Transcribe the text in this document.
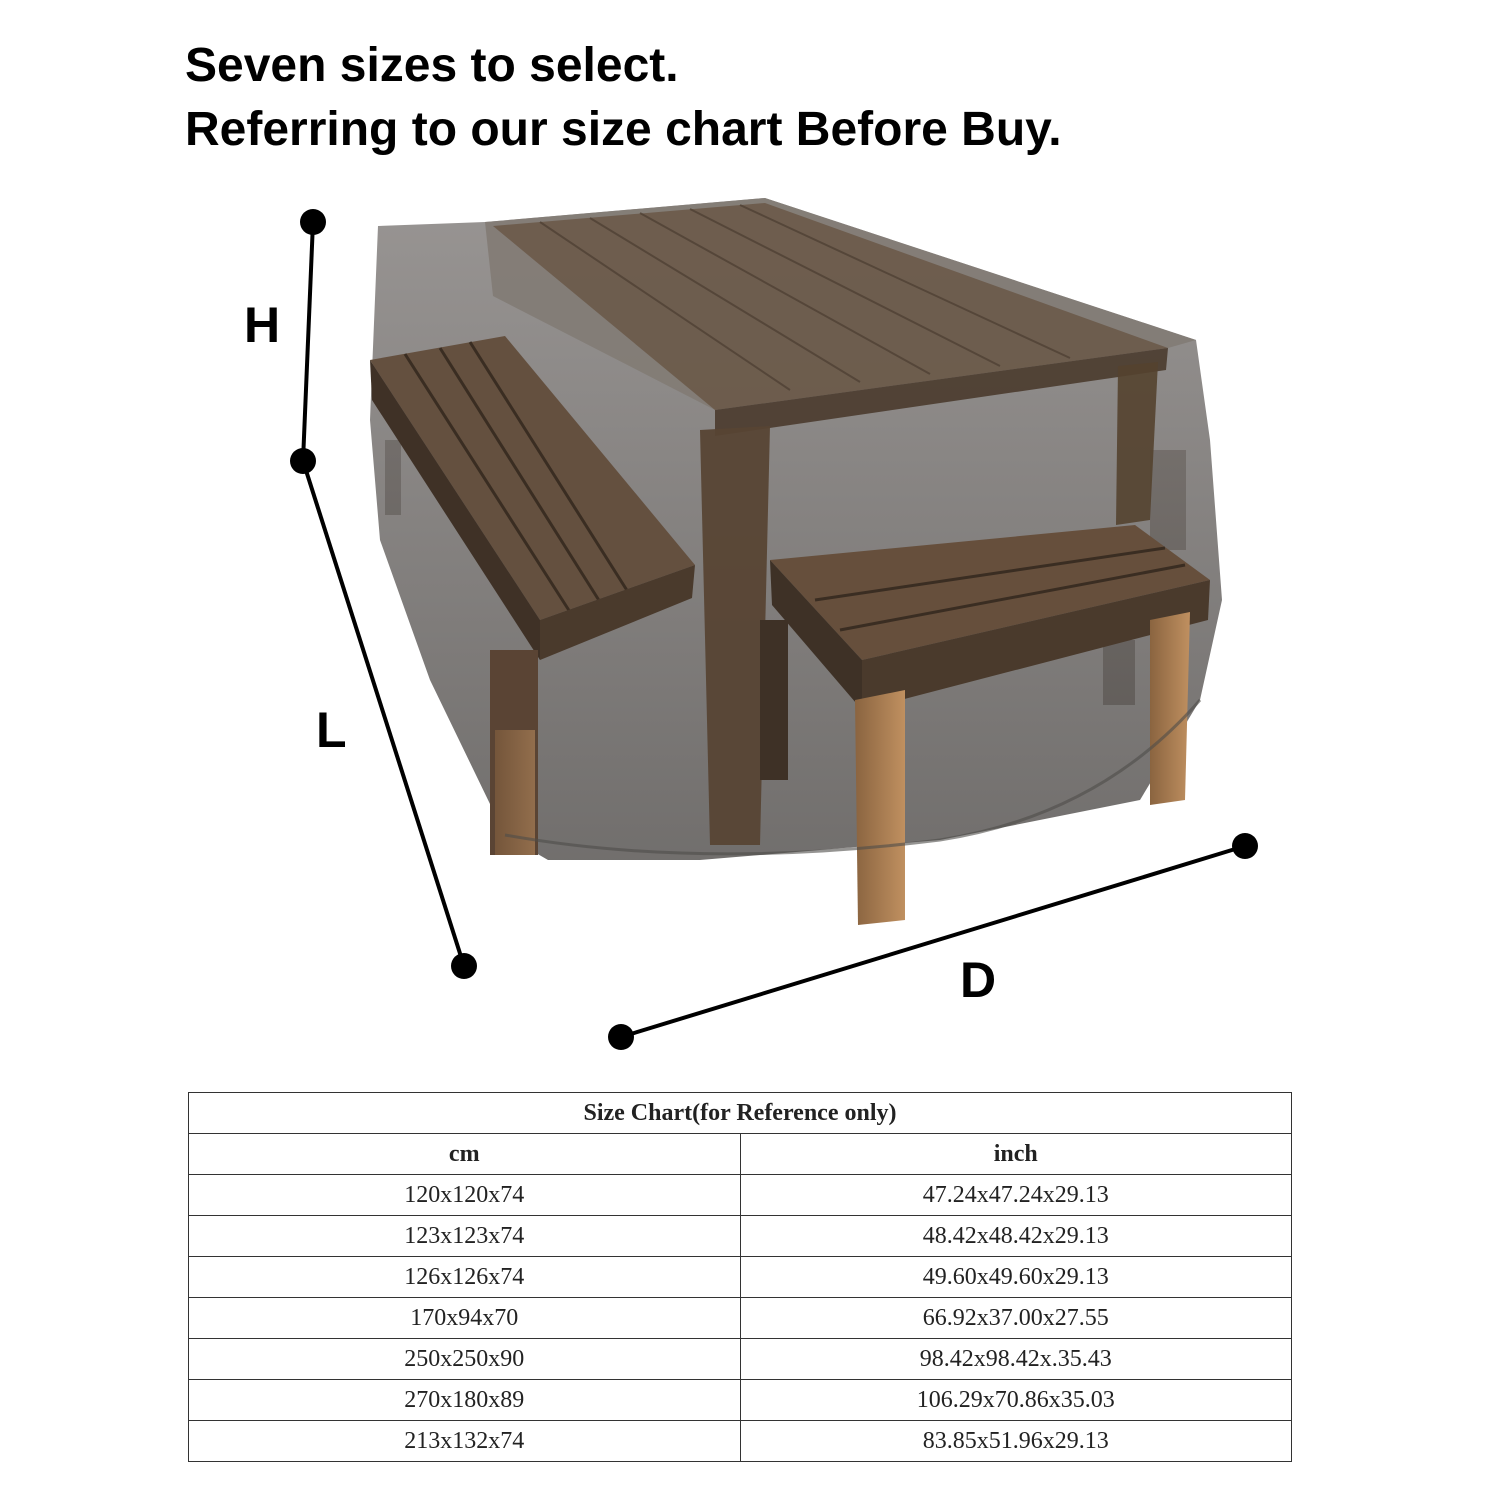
Seven sizes to select.
Referring to our size chart Before Buy.
H
L
D
Size Chart(for Reference only)	
cm	inch
120x120x74	47.24x47.24x29.13
123x123x74	48.42x48.42x29.13
126x126x74	49.60x49.60x29.13
170x94x70	66.92x37.00x27.55
250x250x90	98.42x98.42x.35.43
270x180x89	106.29x70.86x35.03
213x132x74	83.85x51.96x29.13
